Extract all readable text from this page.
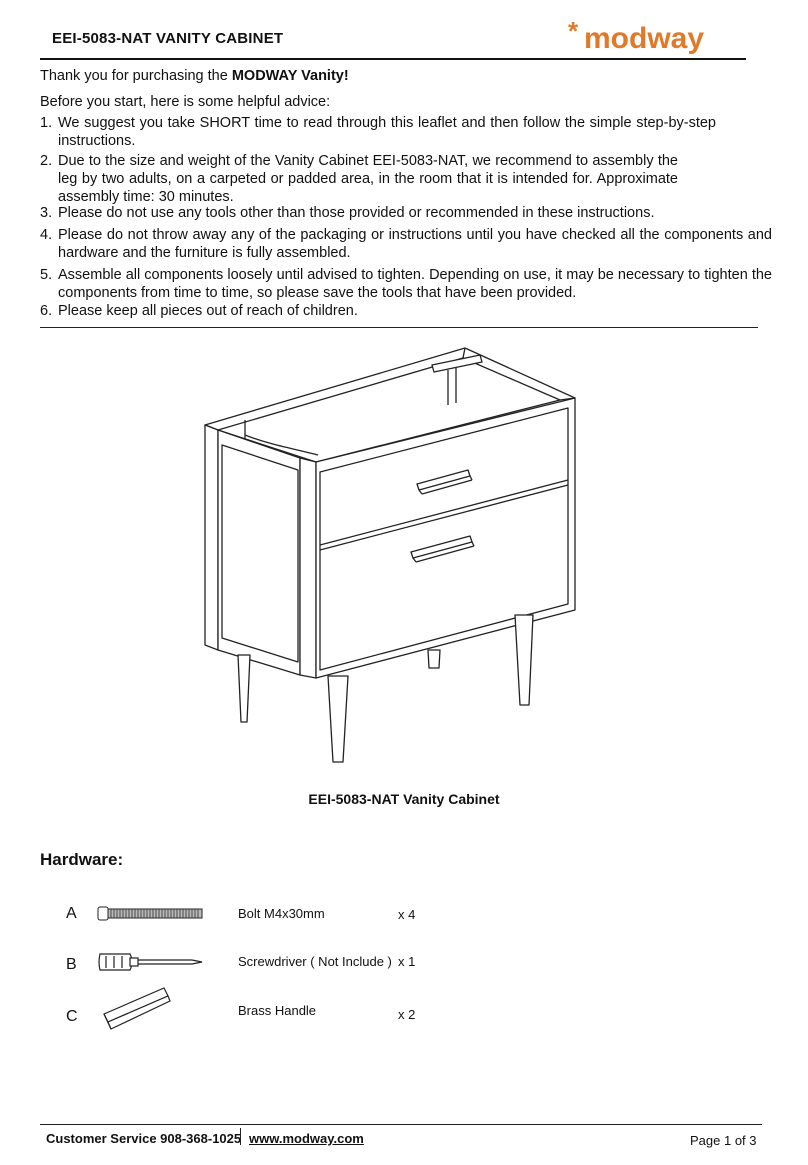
EEI-5083-NAT VANITY CABINET	* modway
Thank you for purchasing the MODWAY Vanity!
Before you start, here is some helpful advice:
1. We suggest you take SHORT time to read through this leaflet and then follow the simple step-by-step instructions.
2. Due to the size and weight of the Vanity Cabinet EEI-5083-NAT, we recommend to assembly the leg by two adults, on a carpeted or padded area, in the room that it is intended for. Approximate assembly time: 30 minutes.
3. Please do not use any tools other than those provided or recommended in these instructions.
4. Please do not throw away any of the packaging or instructions until you have checked all the components and hardware and the furniture is fully assembled.
5. Assemble all components loosely until advised to tighten. Depending on use, it may be necessary to tighten the components from time to time, so please save the tools that have been provided.
6. Please keep all pieces out of reach of children.
EEI-5083-NAT Vanity Cabinet
Hardware:
A	Bolt M4x30mm	x 4
B	Screwdriver ( Not Include ) x 1
C	Brass Handle	x 2
Customer Service 908-368-1025 www.modway.com	Page 1 of 3
